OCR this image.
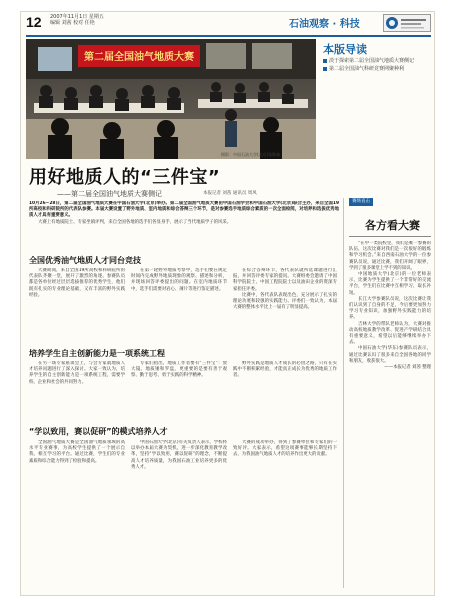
12 2007年11月1日 星期五
编辑 刘茜 校对 任艳	石油观察 · 科技
第二届全国油气地质大赛
本版导读
淡于探索第二届全国油气地质大赛侧记
第二届全国油气科研竞赛网聚种利
摄影：中国石油大学(北京)张敬森
用好地质人的“三件宝”
——第二届全国油气地质大赛侧记	本报记者 刘茜 通讯员 周凤

10月26~28日，第二届全国油气地质大赛在中国石油大学(北京)举办。第二届全国油气地质大赛由中国石油学会和中国石油大学(北京)联合主办，来自全国19所高校和科研院所的代表队参赛。本届大赛设置了野外地质、室内地质和综合答辩三个环节，是对参赛选手地质综合素质的一次全面检阅，对培养和选拔优秀地质人才具有重要意义。

大赛上有地质院士、专家坐镇评判，来自全国各地的选手们各显身手，展示了当代地质学子的风采。

全国优秀油气地质人才同台竞技

大赛期间，来自全国19所高校和科研院所的代表队齐聚一堂，展开了激烈的角逐。参赛队员都是各单位经过层层选拔推荐的优秀学生，他们既有扎实的专业理论基础，又有丰富的野外实践经验。

在第一轮野外地质考察中，选手们要在规定时间内完成野外地质现象的观察、描述和分析，并现场回答评委提出的问题。在室内地质环节中，选手们需要对岩心、薄片等进行鉴定描述。

在综合答辩环节，各代表队就所选课题进行汇报，并回答评委专家的提问。大赛组委会邀请了中国科学院院士、中国工程院院士以及油田企业的资深专家担任评委。

比赛中，各代表队表现出色，充分展示了扎实的理论功底和较强的实践能力。评委们一致认为，本届大赛的整体水平比上一届有了明显提高。

培养学生自主创新能力是一项系统工程

在另一场专家座谈会上，与会专家就地质人才培养问题进行了深入探讨。大家一致认为，培养学生的自主创新能力是一项系统工程，需要学校、企业和社会的共同努力。

专家们指出，地质工作者要有“三件宝”：放大镜、地质锤和罗盘，更重要的是要有善于观察、勤于思考、勇于实践的科学精神。

野外实践是地质人才成长的必由之路，只有在实践中不断积累经验，才能真正成长为优秀的地质工作者。

“学以致用，赛以促研”的模式培养人才

全国油气地质大赛是全国油气地质领域的高水平专业赛事，为高校学生提供了一个展示自我、相互学习的平台。通过比赛，学生们的专业素质和综合能力得到了检验和提高。

中国石油大学(北京)有关负责人表示，学校将以举办本届大赛为契机，进一步深化教育教学改革，坚持“学以致用，赛以促研”的理念，不断提高人才培养质量，为我国石油工业培养更多的优秀人才。

大赛的成功举办，得到了参赛单位和专家们的一致好评。大家表示，希望这项赛事能够长期坚持下去，为我国油气地质人才的培养作出更大的贡献。

赛场直击
各方看大赛

“在中一类院校里，我们是唯一参赛的队伍，这次比赛对我们是一次很好的锻炼和学习机会。”来自西南石油大学的一位参赛队员说，通过比赛，我们开阔了眼界，学到了很多课堂上学不到的知识。

中国地质大学(北京)的一位老师表示，比赛为学生提供了一个非常好的交流平台，学生们在比赛中互相学习、取长补短。

长江大学参赛队员说，这次比赛让我们认识到了自身的不足，今后要更加努力学习专业知识，加强野外实践能力的培养。

吉林大学的带队老师认为，大赛对推动高校地质教学改革、促进产学研结合具有重要意义，希望以后能够继续举办下去。

中国石油大学(华东)参赛队员表示，通过比赛认识了很多来自全国各地的同学和朋友，收获很大。

——本报记者 刘茜 整理
